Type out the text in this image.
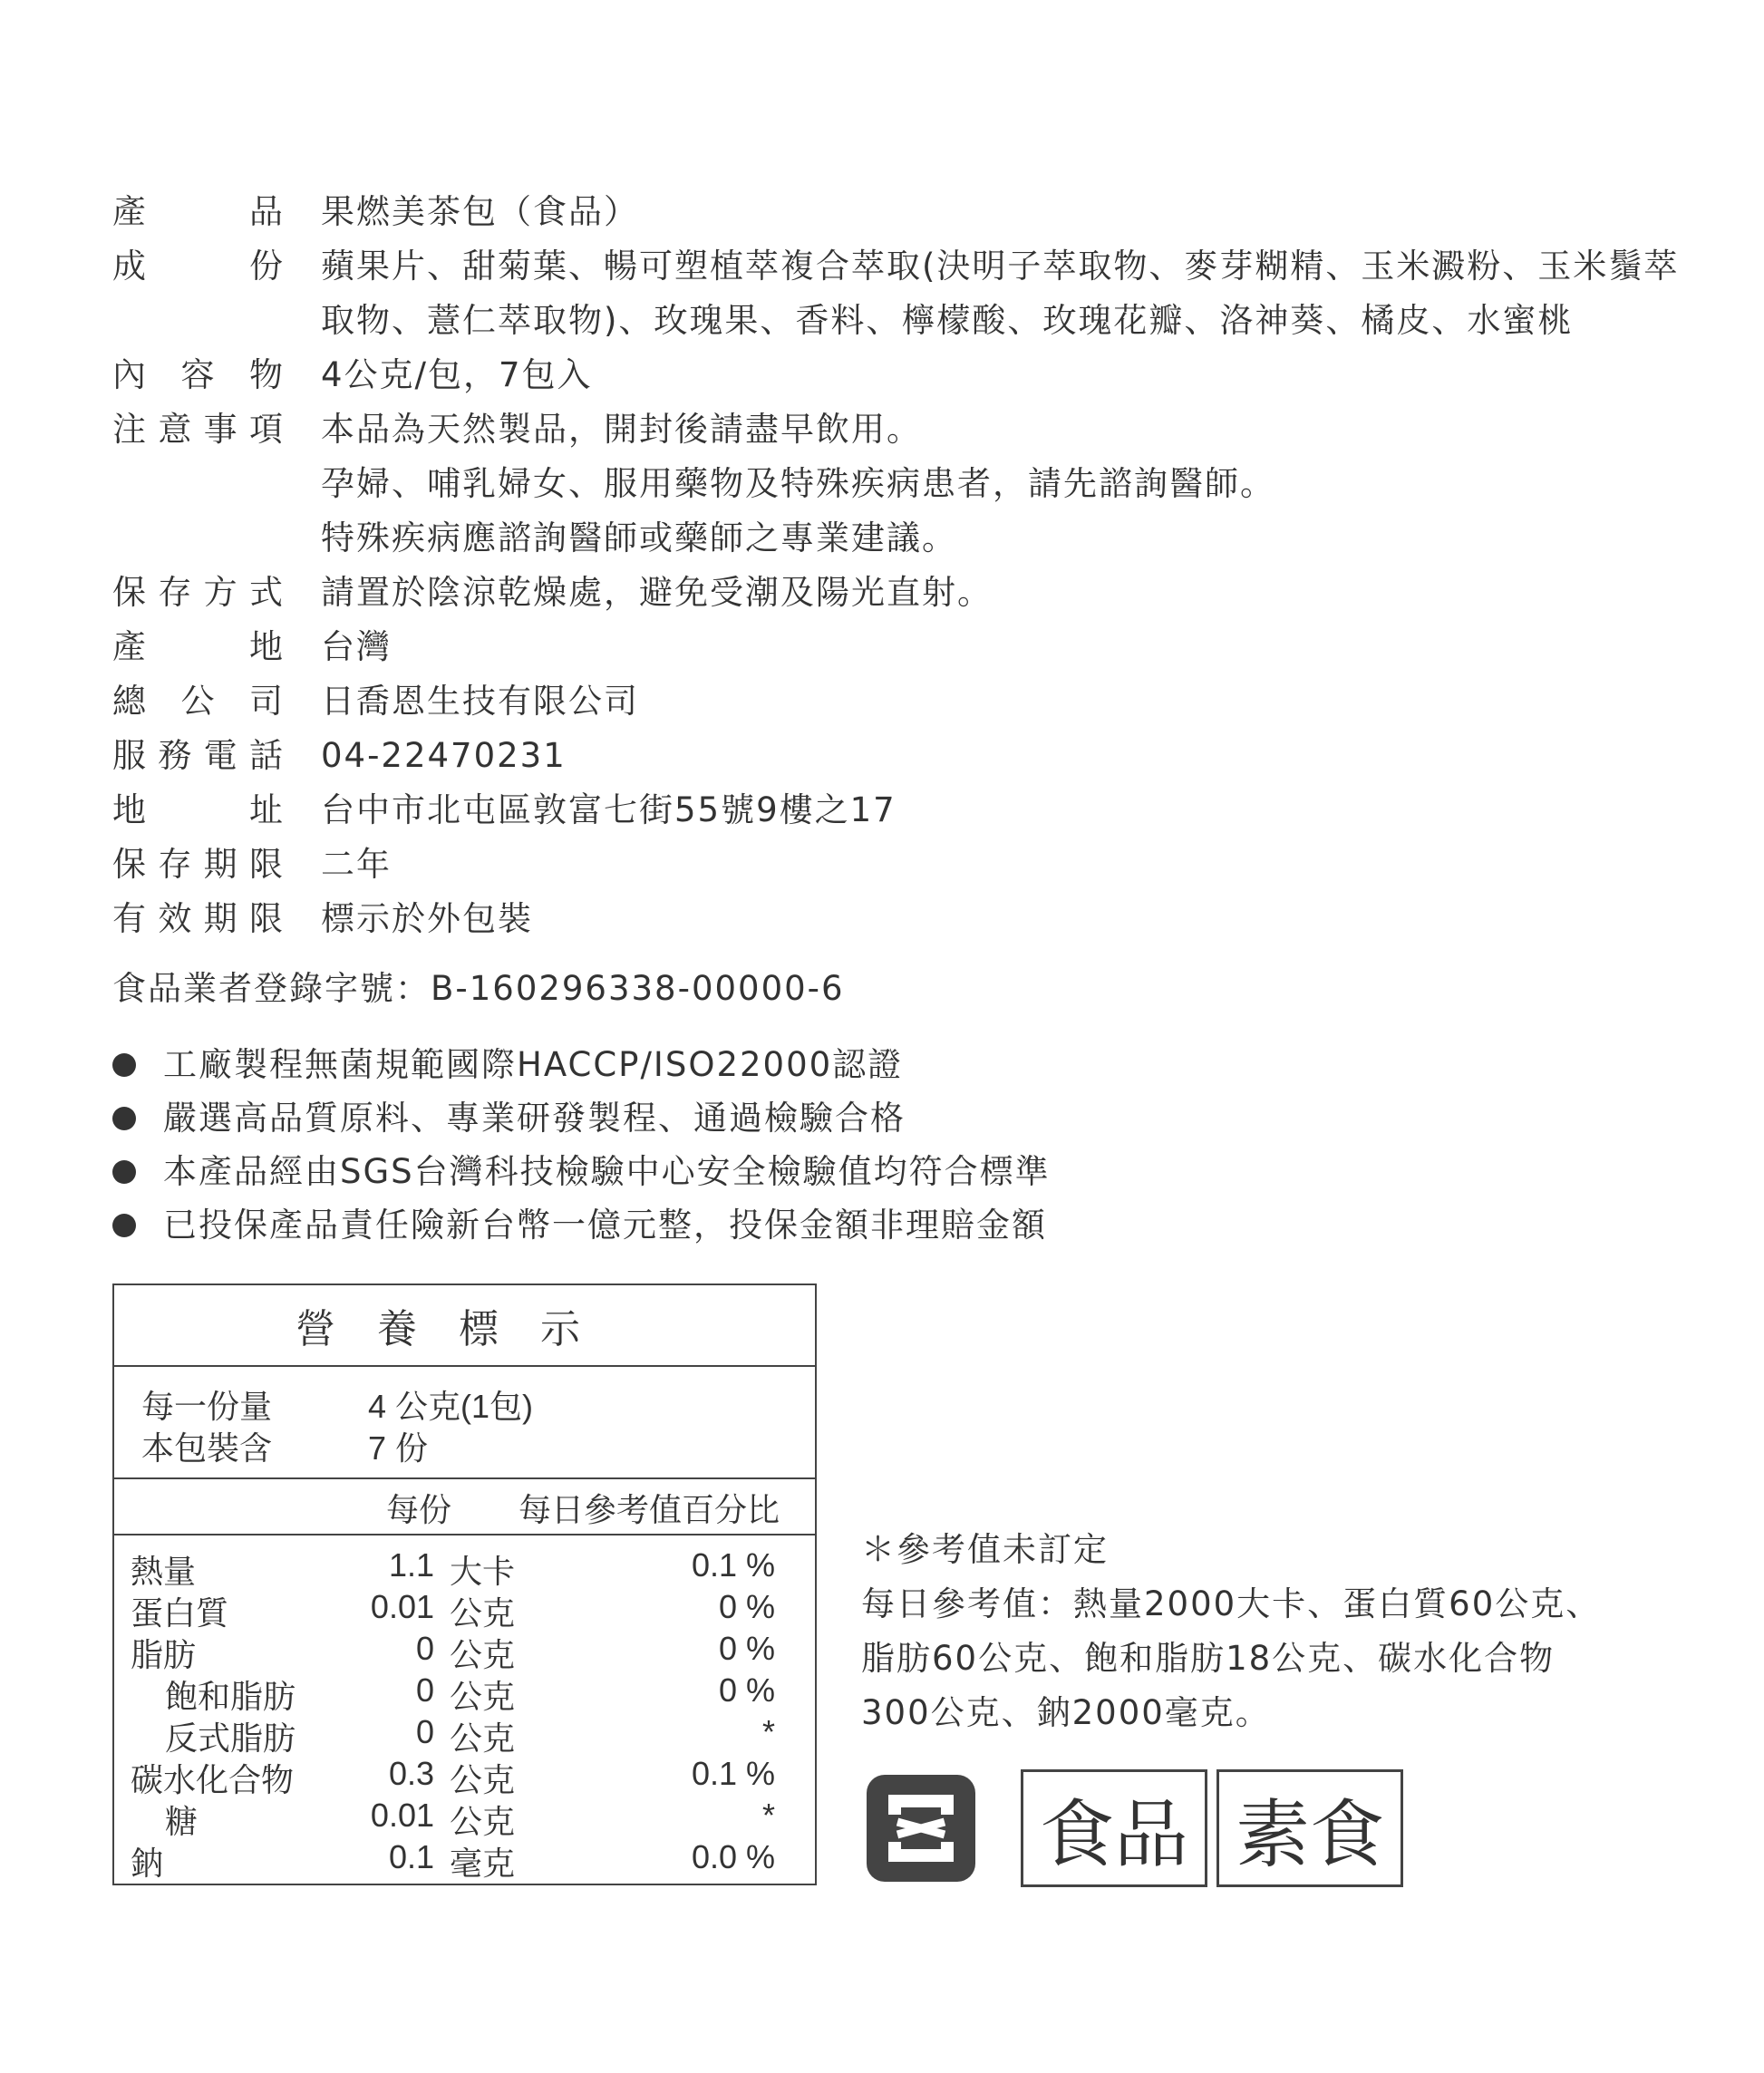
產	品 果燃美茶包（食品）
成	份 蘋果片、甜菊葉、暢可塑植萃複合萃取(決明子萃取物、麥芽糊精、玉米澱粉、玉米鬚萃
取物、薏仁萃取物)、玫瑰果、香料、檸檬酸、玫瑰花瓣、洛神葵、橘皮、水蜜桃
內 容 物 4公克/包，7包入
注 意 事 項 本品為天然製品，開封後請盡早飲用。
孕婦、哺乳婦女、服用藥物及特殊疾病患者，請先諮詢醫師。
特殊疾病應諮詢醫師或藥師之專業建議。
保 存 方 式 請置於陰涼乾燥處，避免受潮及陽光直射。
產	地 台灣
總 公 司 日喬恩生技有限公司
服 務 電 話 04-22470231
地	址 台中市北屯區敦富七街55號9樓之17
保 存 期 限 二年
有 效 期 限 標示於外包裝
食品業者登錄字號：B-160296338-00000-6
工廠製程無菌規範國際HACCP/ISO22000認證
嚴選高品質原料、專業研發製程、通過檢驗合格
本產品經由SGS台灣科技檢驗中心安全檢驗值均符合標準
已投保產品責任險新台幣一億元整，投保金額非理賠金額
營養標示
每一份量	4 公克(1包)
本包裝含	7 份
每份 每日參考值百分比
熱量	1.1 大卡	0.1 %
蛋白質	0.01 公克	0 %
脂肪	0 公克	0 %
飽和脂肪	0 公克	0 %
反式脂肪	0 公克	*
碳水化合物	0.3 公克	0.1 %
糖	0.01 公克	*
鈉	0.1 毫克	0.0 %
＊參考值未訂定
每日參考值：熱量2000大卡、蛋白質60公克、
脂肪60公克、飽和脂肪18公克、碳水化合物
300公克、鈉2000毫克。
食品 素食
